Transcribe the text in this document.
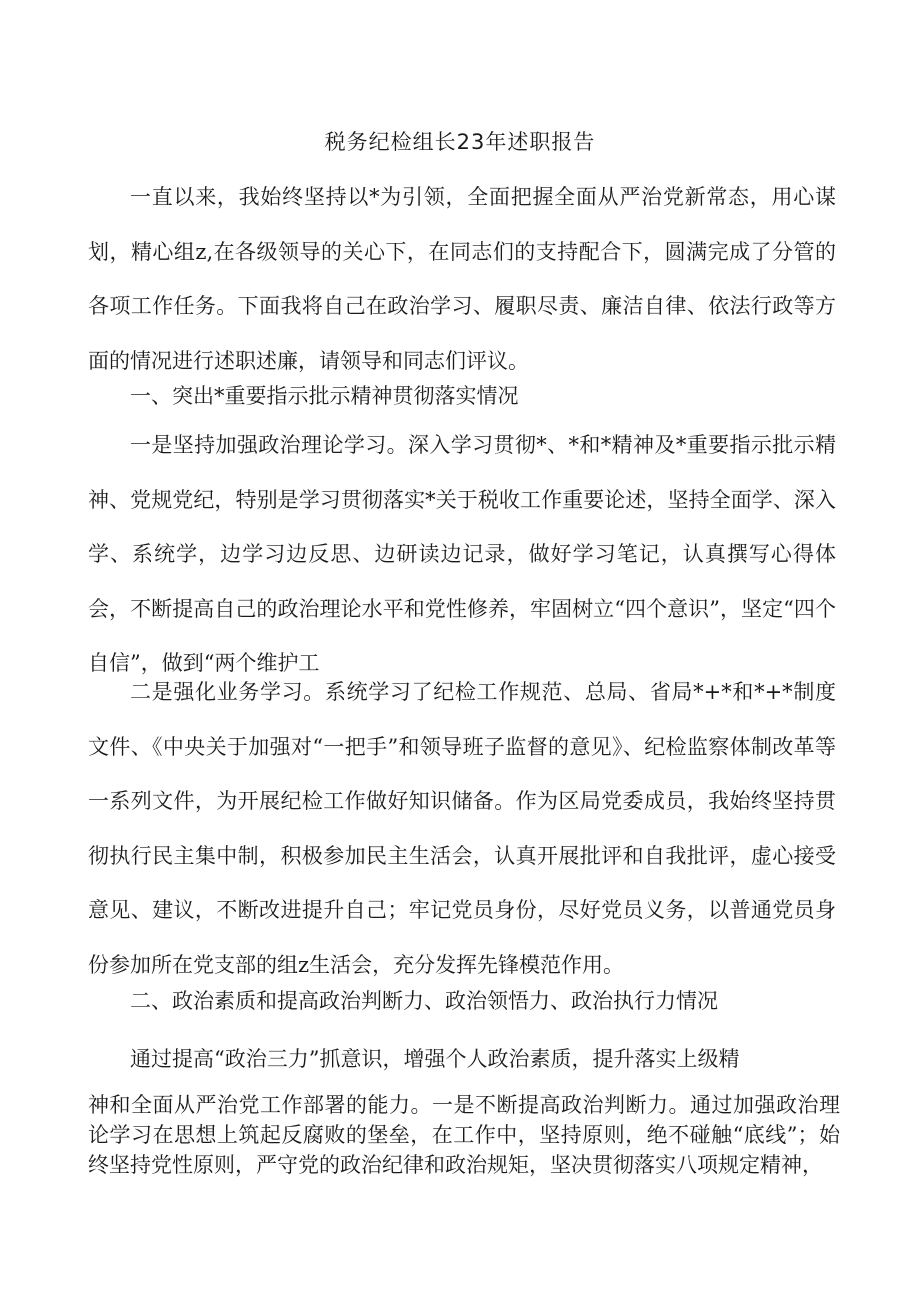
税务纪检组长23年述职报告

一直以来，我始终坚持以*为引领，全面把握全面从严治党新常态，用心谋划，精心组z,在各级领导的关心下，在同志们的支持配合下，圆满完成了分管的各项工作任务。下面我将自己在政治学习、履职尽责、廉洁自律、依法行政等方面的情况进行述职述廉，请领导和同志们评议。

一、突出*重要指示批示精神贯彻落实情况

一是坚持加强政治理论学习。深入学习贯彻*、*和*精神及*重要指示批示精神、党规党纪，特别是学习贯彻落实*关于税收工作重要论述，坚持全面学、深入学、系统学，边学习边反思、边研读边记录，做好学习笔记，认真撰写心得体会，不断提高自己的政治理论水平和党性修养，牢固树立“四个意识”，坚定“四个自信”，做到“两个维护工

二是强化业务学习。系统学习了纪检工作规范、总局、省局*+*和*+*制度文件、《中央关于加强对“一把手”和领导班子监督的意见》、纪检监察体制改革等一系列文件，为开展纪检工作做好知识储备。作为区局党委成员，我始终坚持贯彻执行民主集中制，积极参加民主生活会，认真开展批评和自我批评，虚心接受意见、建议，不断改进提升自己；牢记党员身份，尽好党员义务，以普通党员身份参加所在党支部的组z生活会，充分发挥先锋模范作用。

二、政治素质和提高政治判断力、政治领悟力、政治执行力情况

通过提高“政治三力”抓意识，增强个人政治素质，提升落实上级精

神和全面从严治党工作部署的能力。一是不断提高政治判断力。通过加强政治理论学习在思想上筑起反腐败的堡垒，在工作中，坚持原则，绝不碰触“底线”；始终坚持党性原则，严守党的政治纪律和政治规矩，坚决贯彻落实八项规定精神，
